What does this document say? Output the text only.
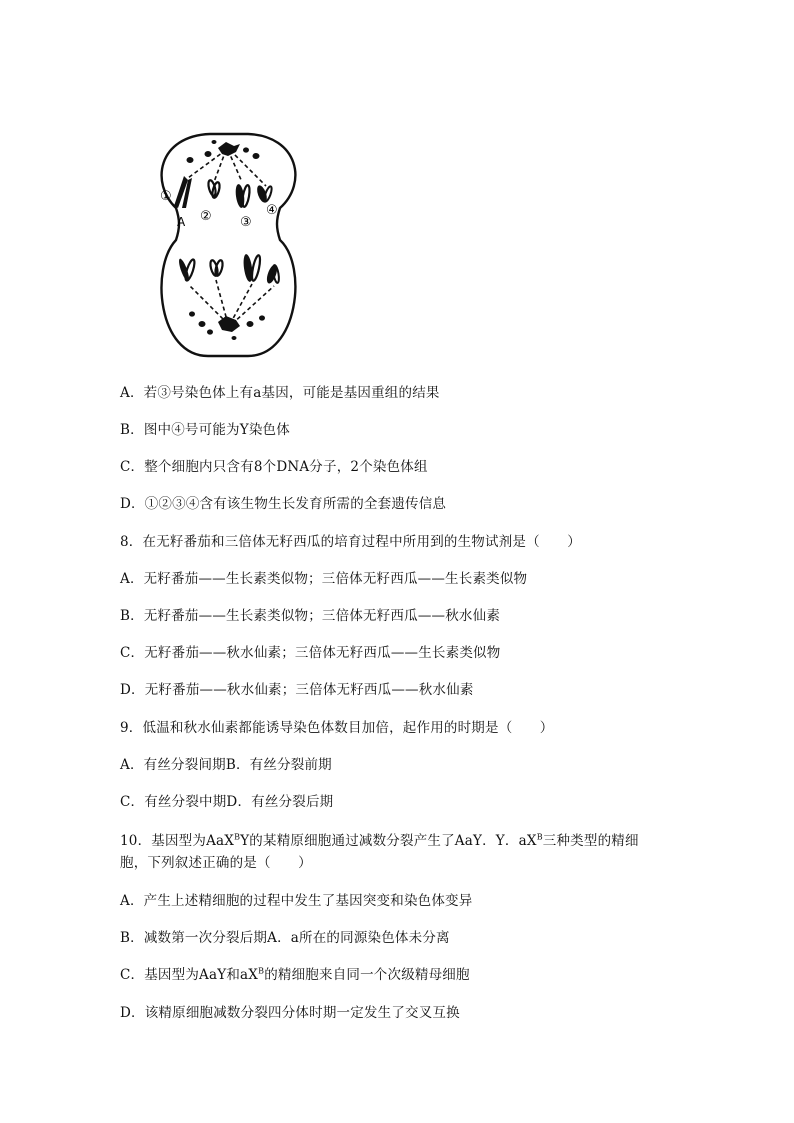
①
A ② ③
④
A．若③号染色体上有a基因，可能是基因重组的结果
B．图中④号可能为Y染色体
C．整个细胞内只含有8个DNA分子，2个染色体组
D．①②③④含有该生物生长发育所需的全套遗传信息
8．在无籽番茄和三倍体无籽西瓜的培育过程中所用到的生物试剂是（　　）
A．无籽番茄——生长素类似物；三倍体无籽西瓜——生长素类似物
B．无籽番茄——生长素类似物；三倍体无籽西瓜——秋水仙素
C．无籽番茄——秋水仙素；三倍体无籽西瓜——生长素类似物
D．无籽番茄——秋水仙素；三倍体无籽西瓜——秋水仙素
9．低温和秋水仙素都能诱导染色体数目加倍，起作用的时期是（　　）
A．有丝分裂间期B．有丝分裂前期
C．有丝分裂中期D．有丝分裂后期
10．基因型为AaX$^B$Y的某精原细胞通过减数分裂产生了AaY．Y．$aX^B$三种类型的精细胞，下列叙述正确的是（　　）
A．产生上述精细胞的过程中发生了基因突变和染色体变异
B．减数第一次分裂后期A．a所在的同源染色体未分离
C．基因型为AaY和$aX^B$的精细胞来自同一个次级精母细胞
D．该精原细胞减数分裂四分体时期一定发生了交叉互换
